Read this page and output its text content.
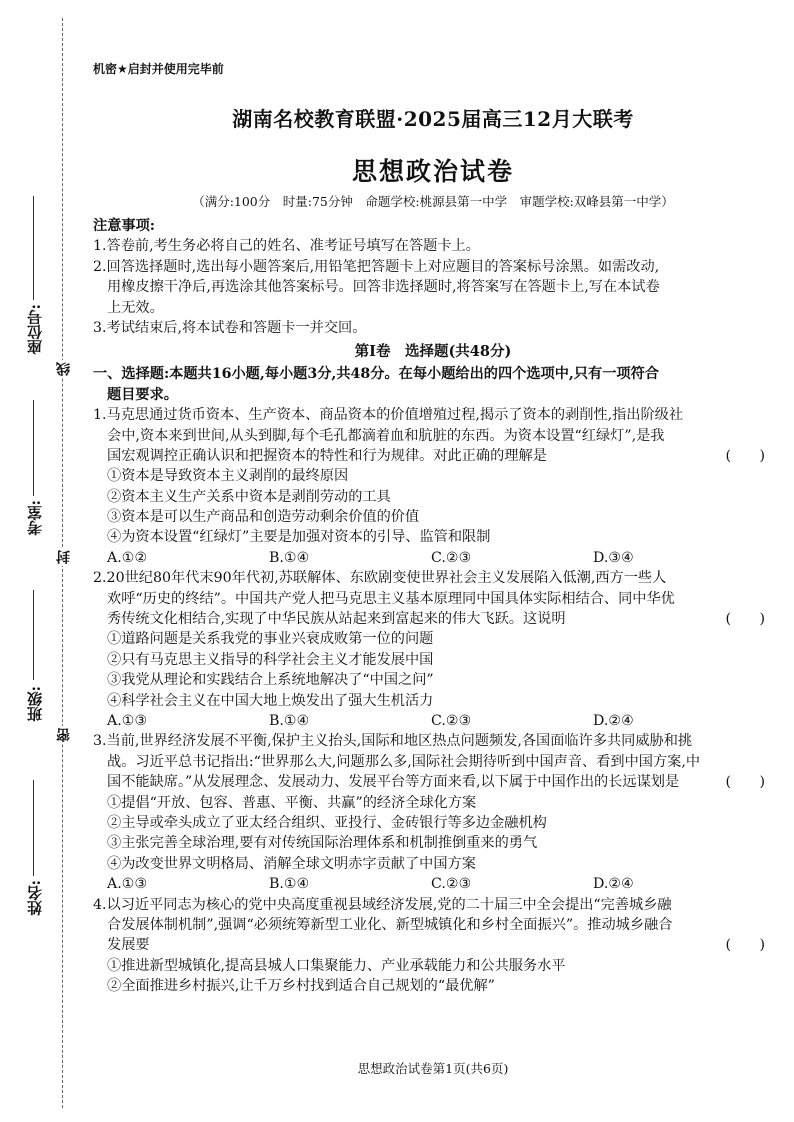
座位号:
考室:
班级:
姓名:
线
封
密
机密★启封并使用完毕前
湖南名校教育联盟·2025届高三12月大联考
思想政治试卷
（满分:100分　时量:75分钟　命题学校:桃源县第一中学　审题学校:双峰县第一中学）
注意事项:
1.答卷前,考生务必将自己的姓名、准考证号填写在答题卡上。
2.回答选择题时,选出每小题答案后,用铅笔把答题卡上对应题目的答案标号涂黑。如需改动,
用橡皮擦干净后,再选涂其他答案标号。回答非选择题时,将答案写在答题卡上,写在本试卷
上无效。
3.考试结束后,将本试卷和答题卡一并交回。
第Ⅰ卷　选择题(共48分)
一、选择题:本题共16小题,每小题3分,共48分。在每小题给出的四个选项中,只有一项符合
题目要求。
1.马克思通过货币资本、生产资本、商品资本的价值增殖过程,揭示了资本的剥削性,指出阶级社
会中,资本来到世间,从头到脚,每个毛孔都滴着血和肮脏的东西。为资本设置“红绿灯”,是我
国宏观调控正确认识和把握资本的特性和行为规律。对此正确的理解是	(　　)
①资本是导致资本主义剥削的最终原因
②资本主义生产关系中资本是剥削劳动的工具
③资本是可以生产商品和创造劳动剩余价值的价值
④为资本设置“红绿灯”主要是加强对资本的引导、监管和限制
A.①②	B.①④	C.②③	D.③④
2.20世纪80年代末90年代初,苏联解体、东欧剧变使世界社会主义发展陷入低潮,西方一些人
欢呼“历史的终结”。中国共产党人把马克思主义基本原理同中国具体实际相结合、同中华优
秀传统文化相结合,实现了中华民族从站起来到富起来的伟大飞跃。这说明	(　　)
①道路问题是关系我党的事业兴衰成败第一位的问题
②只有马克思主义指导的科学社会主义才能发展中国
③我党从理论和实践结合上系统地解决了“中国之问”
④科学社会主义在中国大地上焕发出了强大生机活力
A.①③	B.①④	C.②③	D.②④
3.当前,世界经济发展不平衡,保护主义抬头,国际和地区热点问题频发,各国面临许多共同威胁和挑
战。习近平总书记指出:“世界那么大,问题那么多,国际社会期待听到中国声音、看到中国方案,中
国不能缺席。”从发展理念、发展动力、发展平台等方面来看,以下属于中国作出的长远谋划是	(　　)
①提倡“开放、包容、普惠、平衡、共赢”的经济全球化方案
②主导或牵头成立了亚太经合组织、亚投行、金砖银行等多边金融机构
③主张完善全球治理,要有对传统国际治理体系和机制推倒重来的勇气
④为改变世界文明格局、消解全球文明赤字贡献了中国方案
A.①③	B.①④	C.②③	D.②④
4.以习近平同志为核心的党中央高度重视县域经济发展,党的二十届三中全会提出“完善城乡融
合发展体制机制”,强调“必须统筹新型工业化、新型城镇化和乡村全面振兴”。推动城乡融合
发展要	(　　)
①推进新型城镇化,提高县城人口集聚能力、产业承载能力和公共服务水平
②全面推进乡村振兴,让千万乡村找到适合自己规划的“最优解”
思想政治试卷第1页(共6页)
